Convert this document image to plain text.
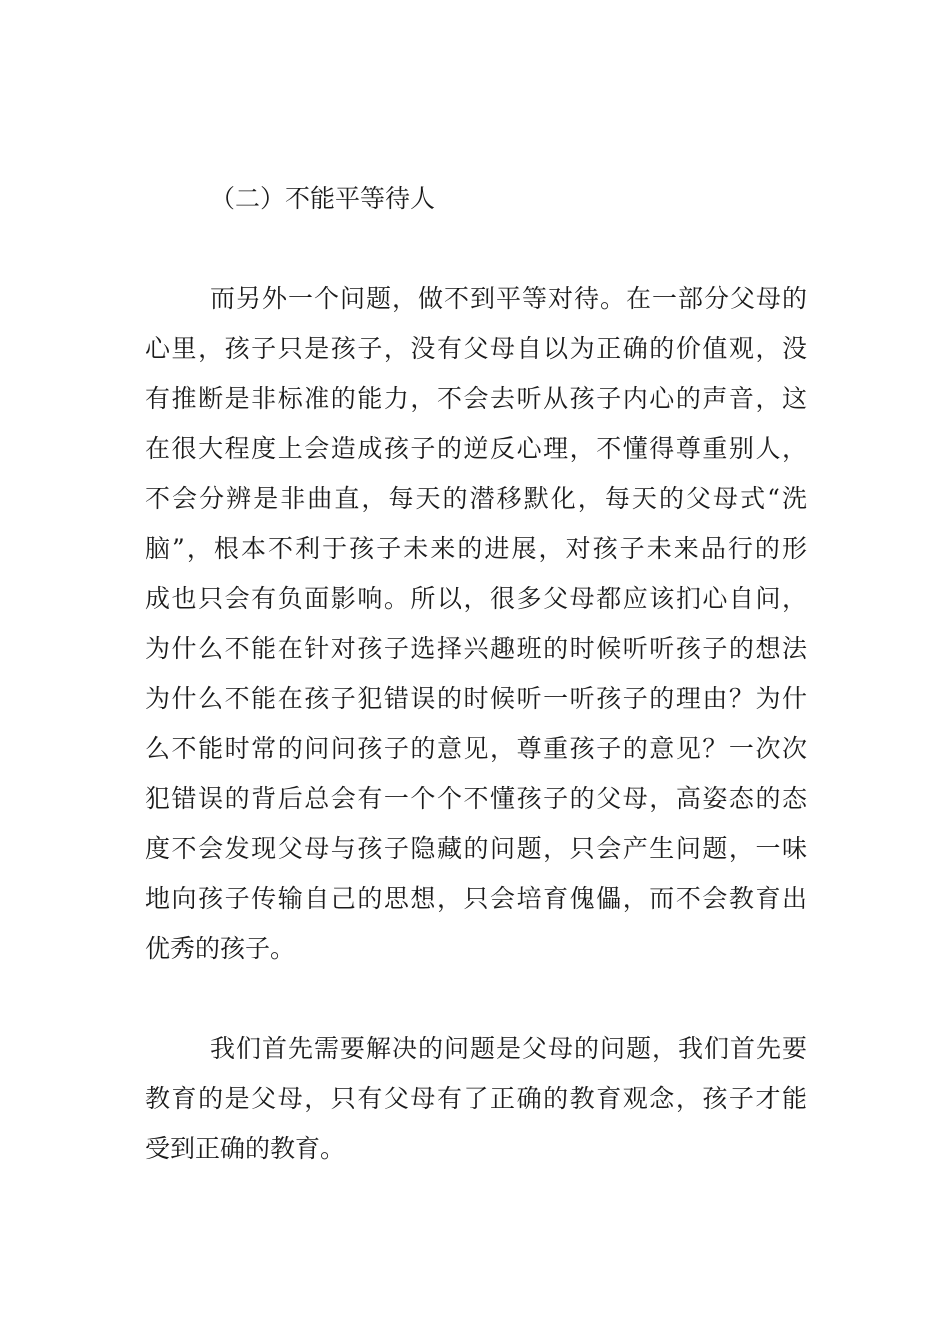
（二）不能平等待人
而另外一个问题，做不到平等对待。在一部分父母的
心里，孩子只是孩子，没有父母自以为正确的价值观，没
有推断是非标准的能力，不会去听从孩子内心的声音，这
在很大程度上会造成孩子的逆反心理，不懂得尊重别人，
不会分辨是非曲直，每天的潜移默化，每天的父母式“洗
脑”，根本不利于孩子未来的进展，对孩子未来品行的形
成也只会有负面影响。所以，很多父母都应该扪心自问，
为什么不能在针对孩子选择兴趣班的时候听听孩子的想法
为什么不能在孩子犯错误的时候听一听孩子的理由？为什
么不能时常的问问孩子的意见，尊重孩子的意见？一次次
犯错误的背后总会有一个个不懂孩子的父母，高姿态的态
度不会发现父母与孩子隐藏的问题，只会产生问题，一味
地向孩子传输自己的思想，只会培育傀儡，而不会教育出
优秀的孩子。
我们首先需要解决的问题是父母的问题，我们首先要
教育的是父母，只有父母有了正确的教育观念，孩子才能
受到正确的教育。
